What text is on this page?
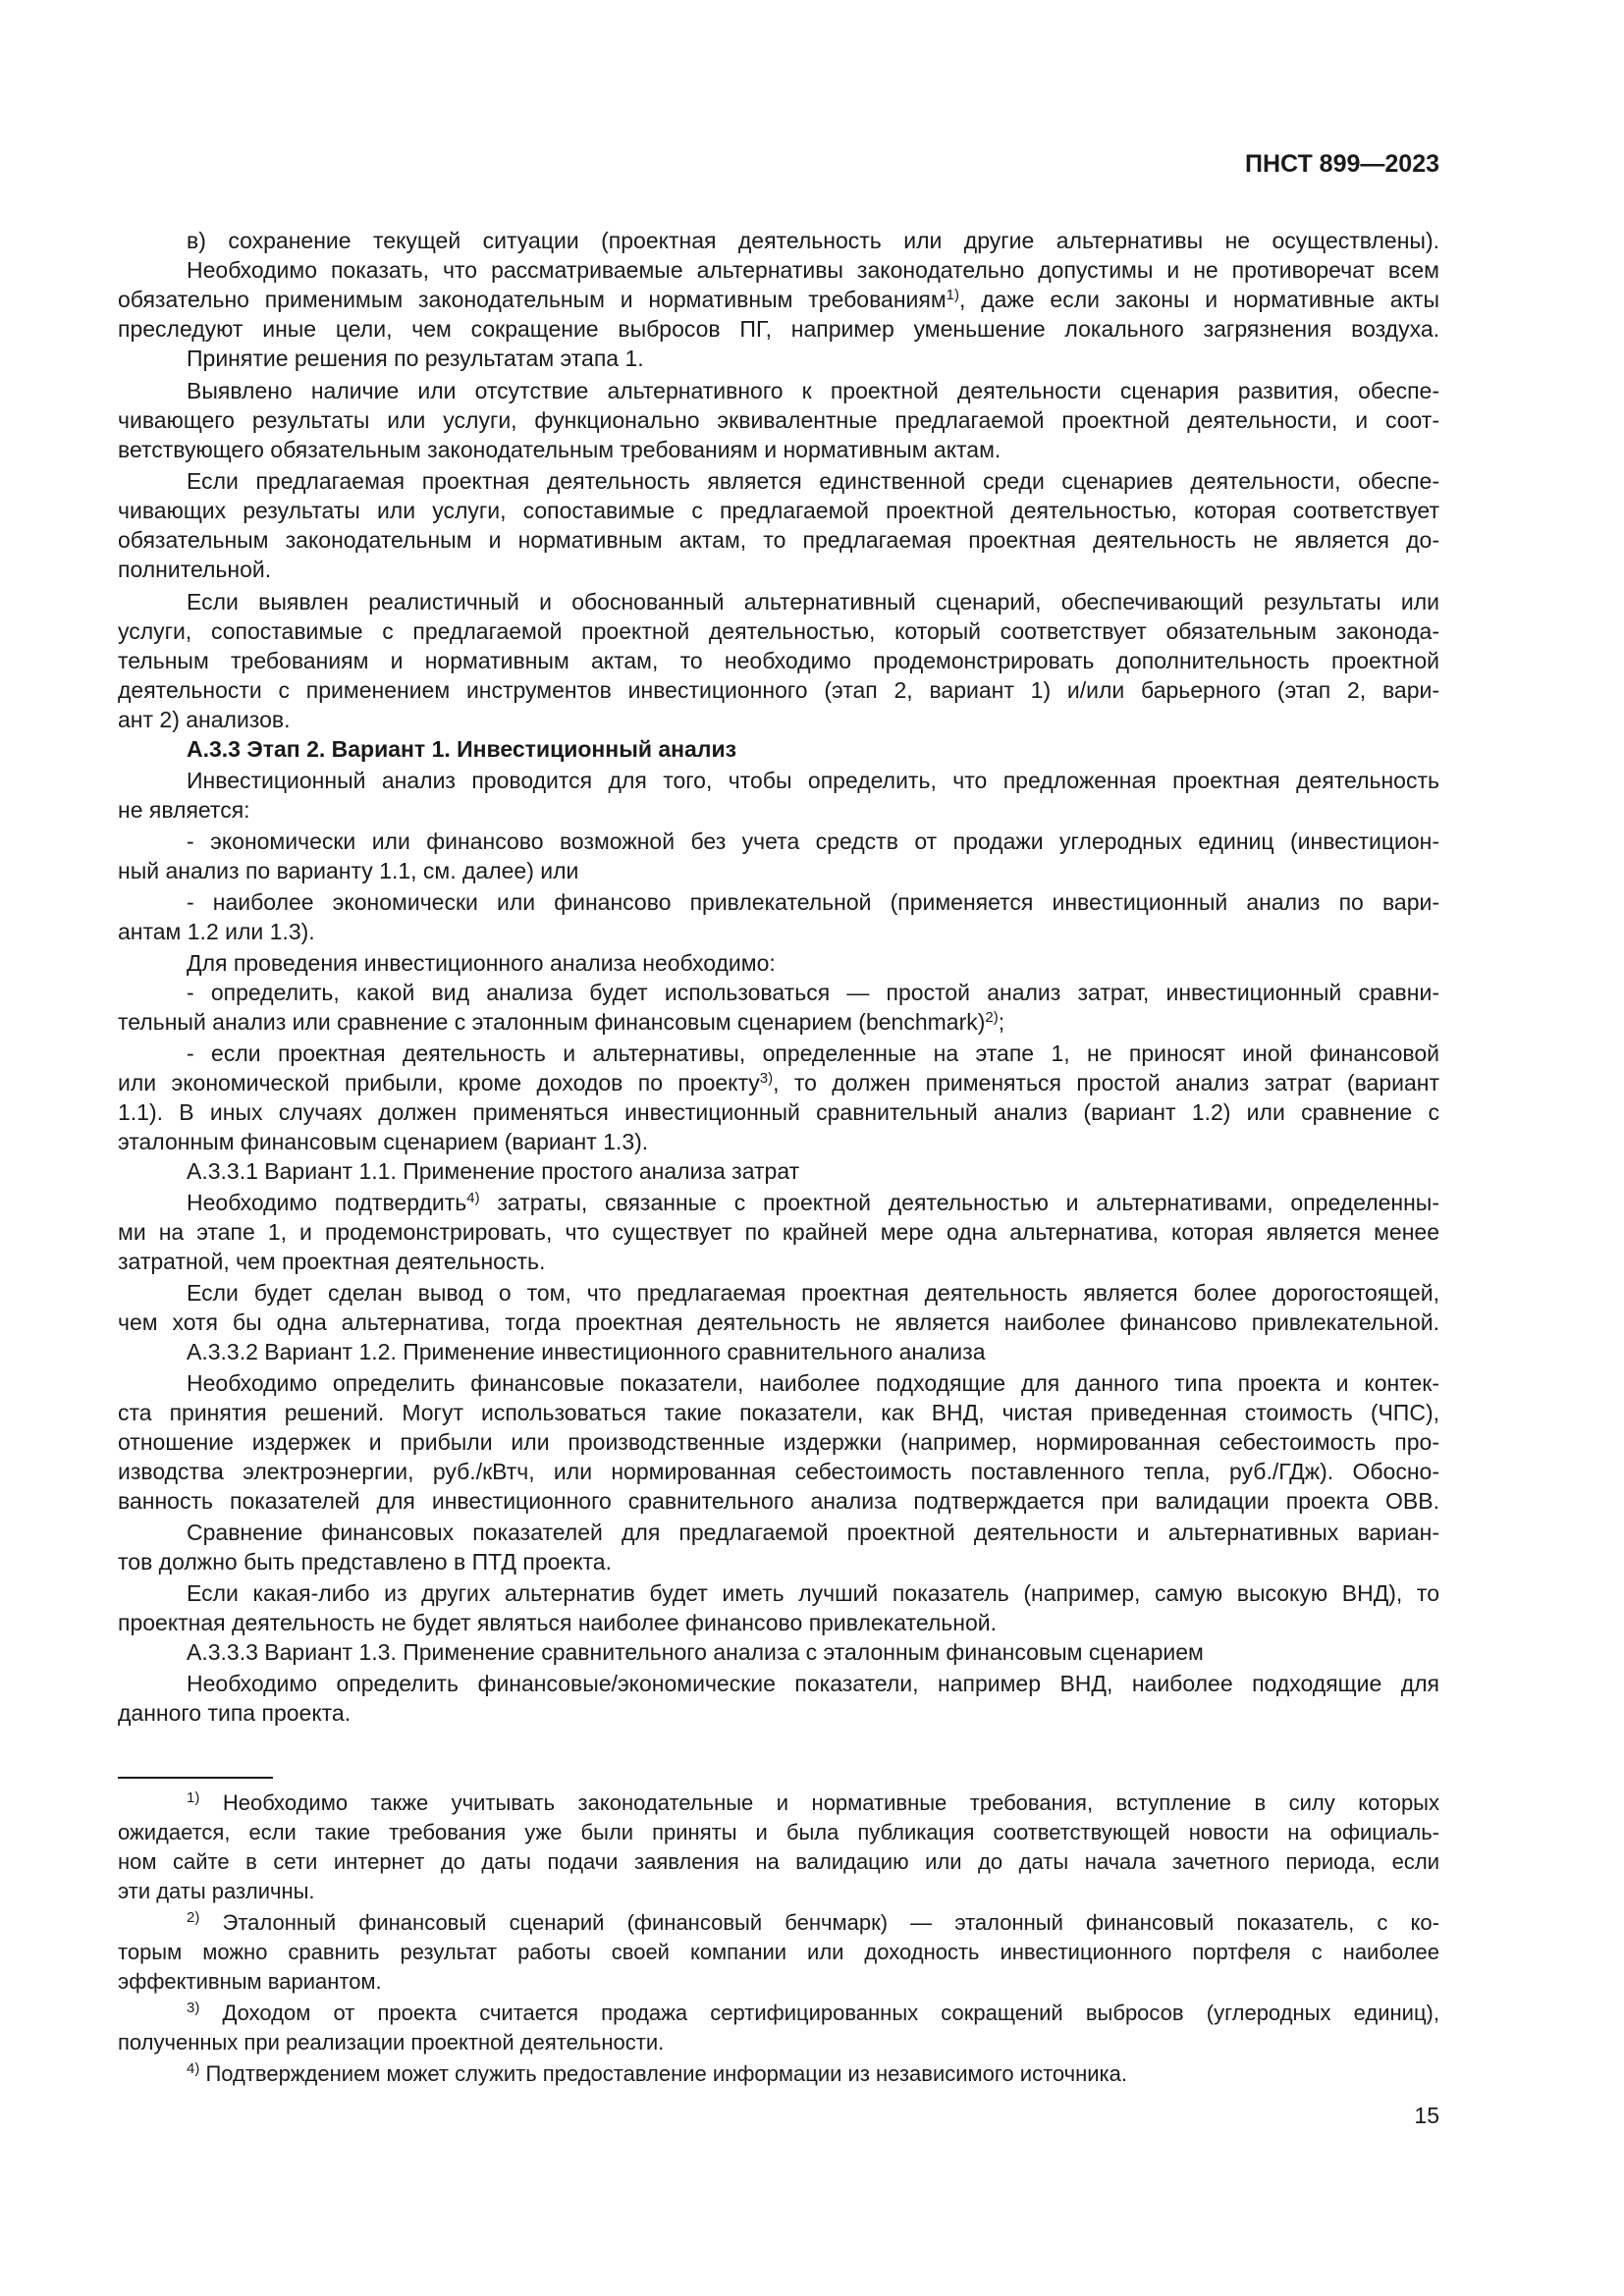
ПНСТ 899—2023
в) сохранение текущей ситуации (проектная деятельность или другие альтернативы не осуществлены).
Необходимо показать, что рассматриваемые альтернативы законодательно допустимы и не противоречат всем
обязательно применимым законодательным и нормативным требованиям$^{1)}$, даже если законы и нормативные акты
преследуют иные цели, чем сокращение выбросов ПГ, например уменьшение локального загрязнения воздуха.
Принятие решения по результатам этапа 1.
Выявлено наличие или отсутствие альтернативного к проектной деятельности сценария развития, обеспе-
чивающего результаты или услуги, функционально эквивалентные предлагаемой проектной деятельности, и соот-
ветствующего обязательным законодательным требованиям и нормативным актам.
Если предлагаемая проектная деятельность является единственной среди сценариев деятельности, обеспе-
чивающих результаты или услуги, сопоставимые с предлагаемой проектной деятельностью, которая соответствует
обязательным законодательным и нормативным актам, то предлагаемая проектная деятельность не является до-
полнительной.
Если выявлен реалистичный и обоснованный альтернативный сценарий, обеспечивающий результаты или
услуги, сопоставимые с предлагаемой проектной деятельностью, который соответствует обязательным законода-
тельным требованиям и нормативным актам, то необходимо продемонстрировать дополнительность проектной
деятельности с применением инструментов инвестиционного (этап 2, вариант 1) и/или барьерного (этап 2, вари-
ант 2) анализов.
А.3.3 Этап 2. Вариант 1. Инвестиционный анализ
Инвестиционный анализ проводится для того, чтобы определить, что предложенная проектная деятельность
не является:
- экономически или финансово возможной без учета средств от продажи углеродных единиц (инвестицион-
ный анализ по варианту 1.1, см. далее) или
- наиболее экономически или финансово привлекательной (применяется инвестиционный анализ по вари-
антам 1.2 или 1.3).
Для проведения инвестиционного анализа необходимо:
- определить, какой вид анализа будет использоваться — простой анализ затрат, инвестиционный сравни-
тельный анализ или сравнение с эталонным финансовым сценарием (benchmark)$^{2)}$;
- если проектная деятельность и альтернативы, определенные на этапе 1, не приносят иной финансовой
или экономической прибыли, кроме доходов по проекту$^{3)}$, то должен применяться простой анализ затрат (вариант
1.1). В иных случаях должен применяться инвестиционный сравнительный анализ (вариант 1.2) или сравнение с
эталонным финансовым сценарием (вариант 1.3).
А.3.3.1 Вариант 1.1. Применение простого анализа затрат
Необходимо подтвердить$^{4)}$ затраты, связанные с проектной деятельностью и альтернативами, определенны-
ми на этапе 1, и продемонстрировать, что существует по крайней мере одна альтернатива, которая является менее
затратной, чем проектная деятельность.
Если будет сделан вывод о том, что предлагаемая проектная деятельность является более дорогостоящей,
чем хотя бы одна альтернатива, тогда проектная деятельность не является наиболее финансово привлекательной.
А.3.3.2 Вариант 1.2. Применение инвестиционного сравнительного анализа
Необходимо определить финансовые показатели, наиболее подходящие для данного типа проекта и контек-
ста принятия решений. Могут использоваться такие показатели, как ВНД, чистая приведенная стоимость (ЧПС),
отношение издержек и прибыли или производственные издержки (например, нормированная себестоимость про-
изводства электроэнергии, руб./кВтч, или нормированная себестоимость поставленного тепла, руб./ГДж). Обосно-
ванность показателей для инвестиционного сравнительного анализа подтверждается при валидации проекта ОВВ.
Сравнение финансовых показателей для предлагаемой проектной деятельности и альтернативных вариан-
тов должно быть представлено в ПТД проекта.
Если какая-либо из других альтернатив будет иметь лучший показатель (например, самую высокую ВНД), то
проектная деятельность не будет являться наиболее финансово привлекательной.
А.3.3.3 Вариант 1.3. Применение сравнительного анализа с эталонным финансовым сценарием
Необходимо определить финансовые/экономические показатели, например ВНД, наиболее подходящие для
данного типа проекта.
$^{1)}$ Необходимо также учитывать законодательные и нормативные требования, вступление в силу которых
ожидается, если такие требования уже были приняты и была публикация соответствующей новости на официаль-
ном сайте в сети интернет до даты подачи заявления на валидацию или до даты начала зачетного периода, если
эти даты различны.
$^{2)}$ Эталонный финансовый сценарий (финансовый бенчмарк) — эталонный финансовый показатель, с ко-
торым можно сравнить результат работы своей компании или доходность инвестиционного портфеля с наиболее
эффективным вариантом.
$^{3)}$ Доходом от проекта считается продажа сертифицированных сокращений выбросов (углеродных единиц),
полученных при реализации проектной деятельности.
$^{4)}$ Подтверждением может служить предоставление информации из независимого источника.
15
